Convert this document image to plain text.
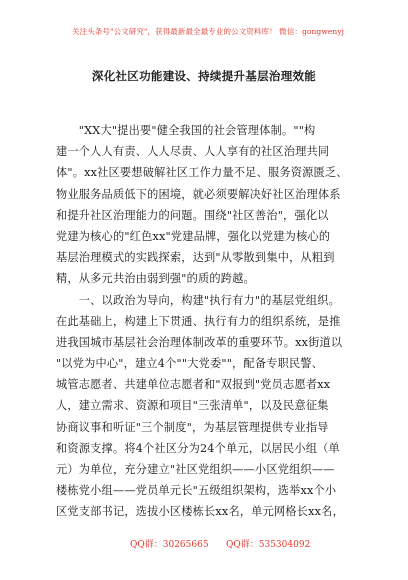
关注头条号"公文研究"，获得最新最全最专业的公文资料库！ 微信：gongwenyj
深化社区功能建设、持续提升基层治理效能
　　"XX大"提出要"健全我国的社会管理体制。""构
建一个人人有责、人人尽责、人人享有的社区治理共同
体"。xx社区要想破解社区工作力量不足、服务资源匮乏、
物业服务品质低下的困境，就必须要解决好社区治理体系
和提升社区治理能力的问题。围绕"社区善治"，强化以
党建为核心的"红色xx"党建品牌，强化以党建为核心的
基层治理模式的实践探索，达到"从零散到集中，从粗到
精，从多元共治由弱到强"的质的跨越。
　　一、以政治为导向，构建"执行有力"的基层党组织。
在此基础上，构建上下贯通、执行有力的组织系统，是推
进我国城市基层社会治理体制改革的重要环节。xx街道以
"以党为中心"，建立4个""大党委""，配备专职民警、
城管志愿者、共建单位志愿者和"双报到"党员志愿者xx
人，建立需求、资源和项目"三张清单"，以及民意征集
协商议事和听证"三个制度"，为基层管理提供专业指导
和资源支撑。将4个社区分为24个单元，以居民小组（单
元）为单位，充分建立"社区党组织——小区党组织——
楼栋党小组——党员单元长"五级组织架构，选举xx个小
区党支部书记，选拔小区楼栋长xx名，单元网格长xx名，
QQ群：30265665 QQ群：535304092
